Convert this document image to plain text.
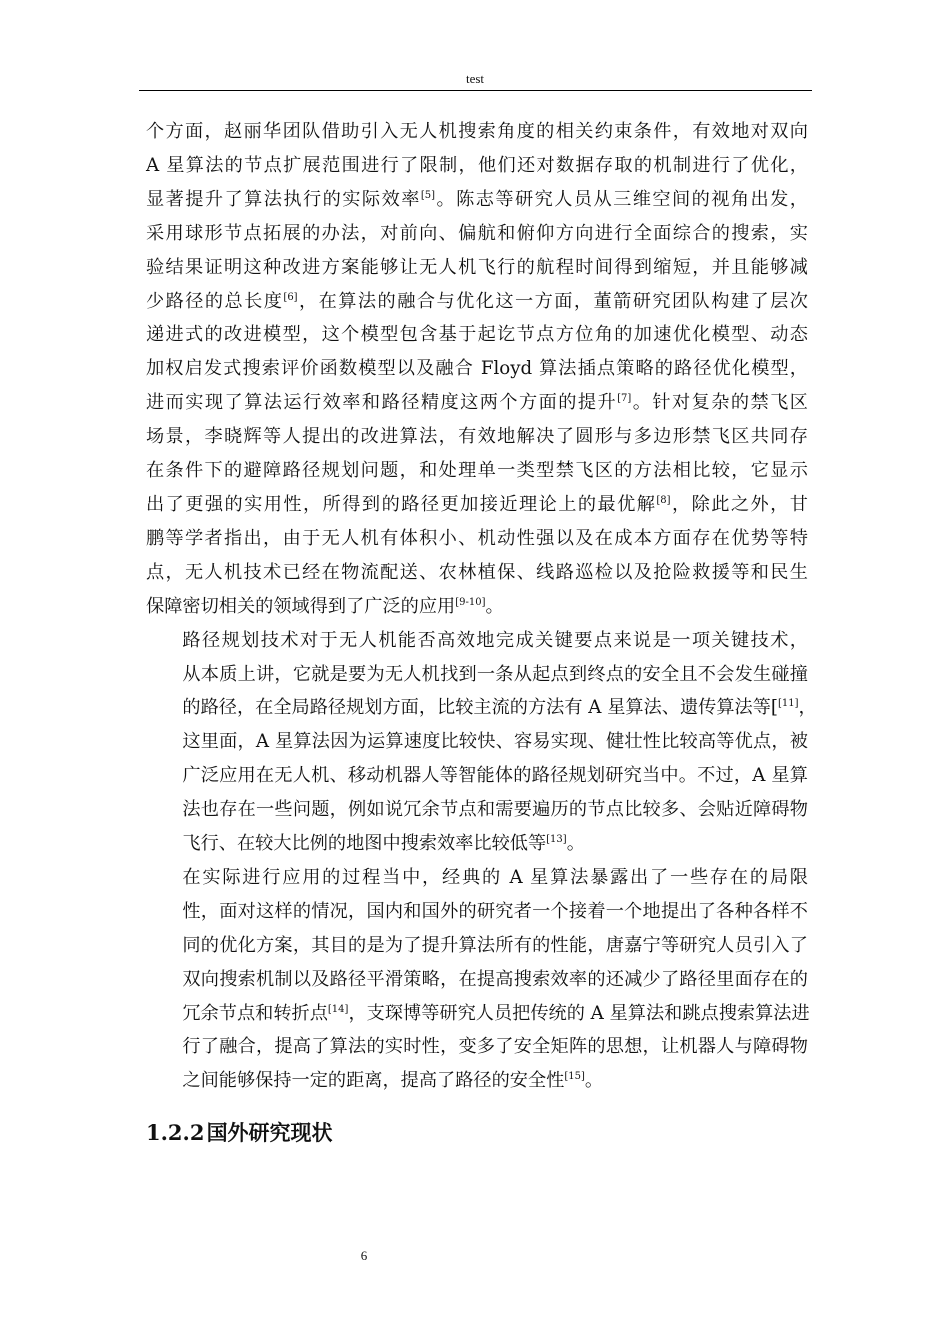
test

个方面，赵丽华团队借助引入无人机搜索角度的相关约束条件，有效地对双向
A 星算法的节点扩展范围进行了限制，他们还对数据存取的机制进行了优化，
显著提升了算法执行的实际效率[5]。陈志等研究人员从三维空间的视角出发，
采用球形节点拓展的办法，对前向、偏航和俯仰方向进行全面综合的搜索，实
验结果证明这种改进方案能够让无人机飞行的航程时间得到缩短，并且能够减
少路径的总长度[6]，在算法的融合与优化这一方面，董箭研究团队构建了层次
递进式的改进模型，这个模型包含基于起讫节点方位角的加速优化模型、动态
加权启发式搜索评价函数模型以及融合 Floyd 算法插点策略的路径优化模型，
进而实现了算法运行效率和路径精度这两个方面的提升[7]。针对复杂的禁飞区
场景，李晓辉等人提出的改进算法，有效地解决了圆形与多边形禁飞区共同存
在条件下的避障路径规划问题，和处理单一类型禁飞区的方法相比较，它显示
出了更强的实用性，所得到的路径更加接近理论上的最优解[8]，除此之外，甘
鹏等学者指出，由于无人机有体积小、机动性强以及在成本方面存在优势等特
点，无人机技术已经在物流配送、农林植保、线路巡检以及抢险救援等和民生
保障密切相关的领域得到了广泛的应用[9-10]。

路径规划技术对于无人机能否高效地完成关键要点来说是一项关键技术，
从本质上讲，它就是要为无人机找到一条从起点到终点的安全且不会发生碰撞
的路径，在全局路径规划方面，比较主流的方法有 A 星算法、遗传算法等[[11]，
这里面，A 星算法因为运算速度比较快、容易实现、健壮性比较高等优点，被
广泛应用在无人机、移动机器人等智能体的路径规划研究当中。不过，A 星算
法也存在一些问题，例如说冗余节点和需要遍历的节点比较多、会贴近障碍物
飞行、在较大比例的地图中搜索效率比较低等[13]。

在实际进行应用的过程当中，经典的 A 星算法暴露出了一些存在的局限
性，面对这样的情况，国内和国外的研究者一个接着一个地提出了各种各样不
同的优化方案，其目的是为了提升算法所有的性能，唐嘉宁等研究人员引入了
双向搜索机制以及路径平滑策略，在提高搜索效率的还减少了路径里面存在的
冗余节点和转折点[14]，支琛博等研究人员把传统的 A 星算法和跳点搜索算法进
行了融合，提高了算法的实时性，变多了安全矩阵的思想，让机器人与障碍物
之间能够保持一定的距离，提高了路径的安全性[15]。

1.2.2 国外研究现状
6
